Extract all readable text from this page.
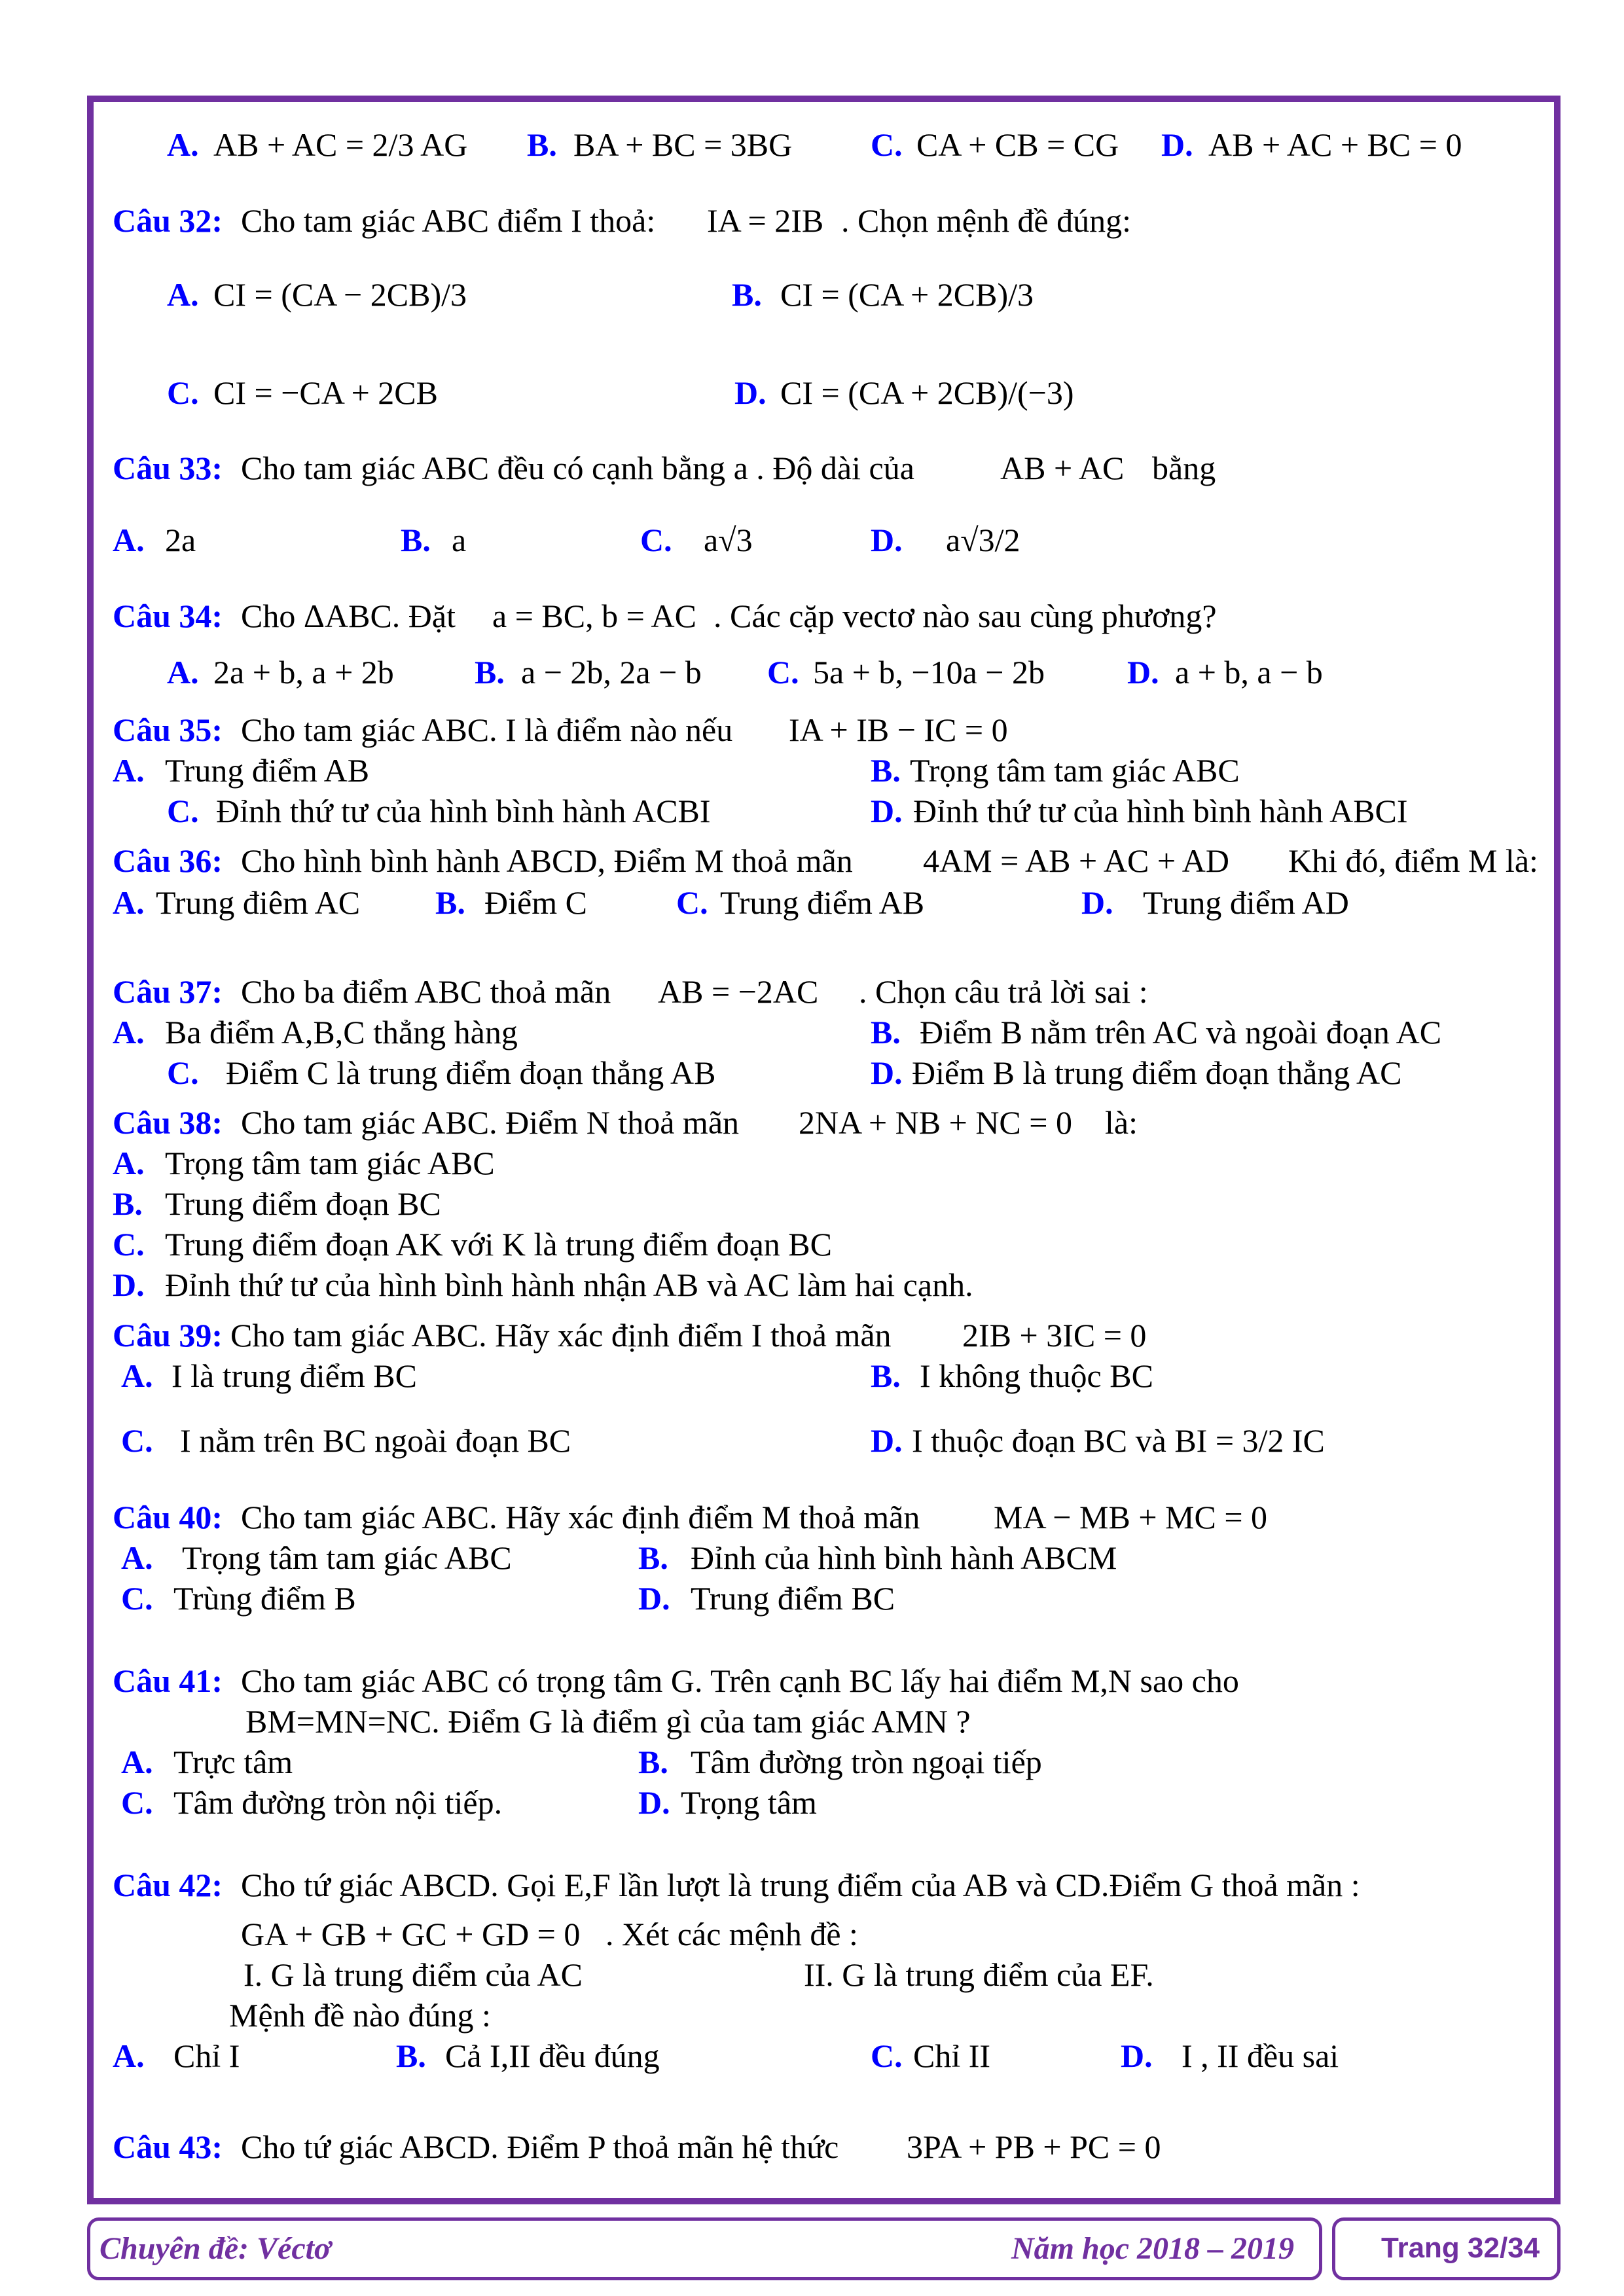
A. AB + AC = 2/3 AG B. BA + BC = 3BG C. CA + CB = CG D. AB + AC + BC = 0
Câu 32: Cho tam giác ABC điểm I thoả: IA = 2IB . Chọn mệnh đề đúng:
A. CI = (CA − 2CB)/3	B. CI = (CA + 2CB)/3
C. CI = −CA + 2CB	D. CI = (CA + 2CB)/(−3)
Câu 33: Cho tam giác ABC đều có cạnh bằng a . Độ dài của	AB + AC bằng
A. 2a	B. a	C. a√3	D. a√3/2
Câu 34: Cho ΔABC. Đặt a = BC, b = AC . Các cặp vectơ nào sau cùng phương?
A. 2a + b, a + 2b B. a − 2b, 2a − b C. 5a + b, −10a − 2b	D. a + b, a − b
Câu 35: Cho tam giác ABC. I là điểm nào nếu IA + IB − IC = 0
A. Trung điểm AB	B. Trọng tâm tam giác ABC
C. Đỉnh thứ tư của hình bình hành ACBI	D. Đỉnh thứ tư của hình bình hành ABCI
Câu 36: Cho hình bình hành ABCD, Điểm M thoả mãn 4AM = AB + AC + AD Khi đó, điểm M là:
A. Trung điêm AC B. Điểm C	C. Trung điểm AB	D. Trung điểm AD
Câu 37: Cho ba điểm ABC thoả mãn AB = −2AC . Chọn câu trả lời sai :
A. Ba điểm A,B,C thẳng hàng	B. Điểm B nằm trên AC và ngoài đoạn AC
C. Điểm C là trung điểm đoạn thẳng AB	D. Điểm B là trung điểm đoạn thẳng AC
Câu 38: Cho tam giác ABC. Điểm N thoả mãn 2NA + NB + NC = 0 là:
A. Trọng tâm tam giác ABC
B. Trung điểm đoạn BC
C. Trung điểm đoạn AK với K là trung điểm đoạn BC
D. Đỉnh thứ tư của hình bình hành nhận AB và AC làm hai cạnh.
Câu 39: Cho tam giác ABC. Hãy xác định điểm I thoả mãn 2IB + 3IC = 0
A. I là trung điểm BC	B. I không thuộc BC
C. I nằm trên BC ngoài đoạn BC	D. I thuộc đoạn BC và BI = 3/2 IC
Câu 40: Cho tam giác ABC. Hãy xác định điểm M thoả mãn MA − MB + MC = 0
A. Trọng tâm tam giác ABC	B. Đỉnh của hình bình hành ABCM
C. Trùng điểm B	D. Trung điểm BC
Câu 41: Cho tam giác ABC có trọng tâm G. Trên cạnh BC lấy hai điểm M,N sao cho
BM=MN=NC. Điểm G là điểm gì của tam giác AMN ?
A. Trực tâm	B. Tâm đường tròn ngoại tiếp
C. Tâm đường tròn nội tiếp.	D. Trọng tâm
Câu 42: Cho tứ giác ABCD. Gọi E,F lần lượt là trung điểm của AB và CD.Điểm G thoả mãn :
GA + GB + GC + GD = 0 . Xét các mệnh đề :
I. G là trung điểm của AC	II. G là trung điểm của EF.
Mệnh đề nào đúng :
A. Chỉ I	B. Cả I,II đều đúng	C. Chỉ II	D. I , II đều sai
Câu 43: Cho tứ giác ABCD. Điểm P thoả mãn hệ thức 3PA + PB + PC = 0
Chuyên đề: Véctơ	Năm học 2018 – 2019	Trang 32/34
